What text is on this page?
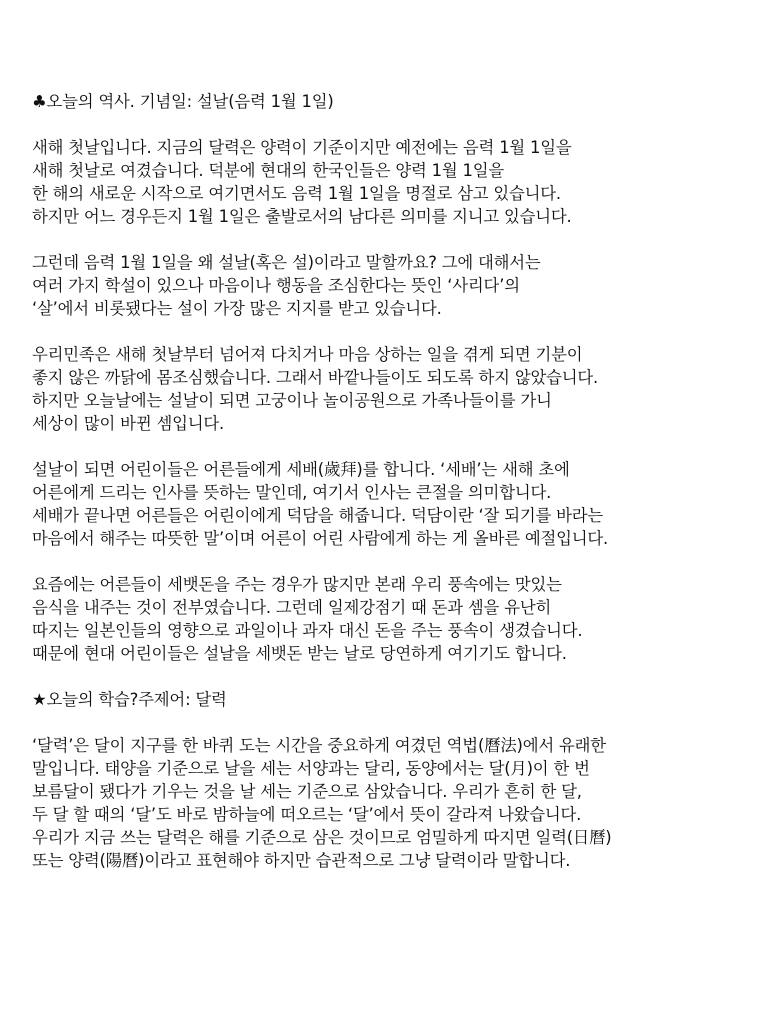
♣오늘의 역사. 기념일: 설날(음력 1월 1일)
새해 첫날입니다. 지금의 달력은 양력이 기준이지만 예전에는 음력 1월 1일을
새해 첫날로 여겼습니다. 덕분에 현대의 한국인들은 양력 1월 1일을
한 해의 새로운 시작으로 여기면서도 음력 1월 1일을 명절로 삼고 있습니다.
하지만 어느 경우든지 1월 1일은 출발로서의 남다른 의미를 지니고 있습니다.
그런데 음력 1월 1일을 왜 설날(혹은 설)이라고 말할까요? 그에 대해서는
여러 가지 학설이 있으나 마음이나 행동을 조심한다는 뜻인 ‘사리다’의
‘살’에서 비롯됐다는 설이 가장 많은 지지를 받고 있습니다.
우리민족은 새해 첫날부터 넘어져 다치거나 마음 상하는 일을 겪게 되면 기분이
좋지 않은 까닭에 몸조심했습니다. 그래서 바깥나들이도 되도록 하지 않았습니다.
하지만 오늘날에는 설날이 되면 고궁이나 놀이공원으로 가족나들이를 가니
세상이 많이 바뀐 셈입니다.
설날이 되면 어린이들은 어른들에게 세배(歲拜)를 합니다. ‘세배’는 새해 초에
어른에게 드리는 인사를 뜻하는 말인데, 여기서 인사는 큰절을 의미합니다.
세배가 끝나면 어른들은 어린이에게 덕담을 해줍니다. 덕담이란 ‘잘 되기를 바라는
마음에서 해주는 따뜻한 말’이며 어른이 어린 사람에게 하는 게 올바른 예절입니다.
요즘에는 어른들이 세뱃돈을 주는 경우가 많지만 본래 우리 풍속에는 맛있는
음식을 내주는 것이 전부였습니다. 그런데 일제강점기 때 돈과 셈을 유난히
따지는 일본인들의 영향으로 과일이나 과자 대신 돈을 주는 풍속이 생겼습니다.
때문에 현대 어린이들은 설날을 세뱃돈 받는 날로 당연하게 여기기도 합니다.
★오늘의 학습?주제어: 달력
‘달력’은 달이 지구를 한 바퀴 도는 시간을 중요하게 여겼던 역법(曆法)에서 유래한
말입니다. 태양을 기준으로 날을 세는 서양과는 달리, 동양에서는 달(月)이 한 번
보름달이 됐다가 기우는 것을 날 세는 기준으로 삼았습니다. 우리가 흔히 한 달,
두 달 할 때의 ‘달’도 바로 밤하늘에 떠오르는 ‘달’에서 뜻이 갈라져 나왔습니다.
우리가 지금 쓰는 달력은 해를 기준으로 삼은 것이므로 엄밀하게 따지면 일력(日曆)
또는 양력(陽曆)이라고 표현해야 하지만 습관적으로 그냥 달력이라 말합니다.
